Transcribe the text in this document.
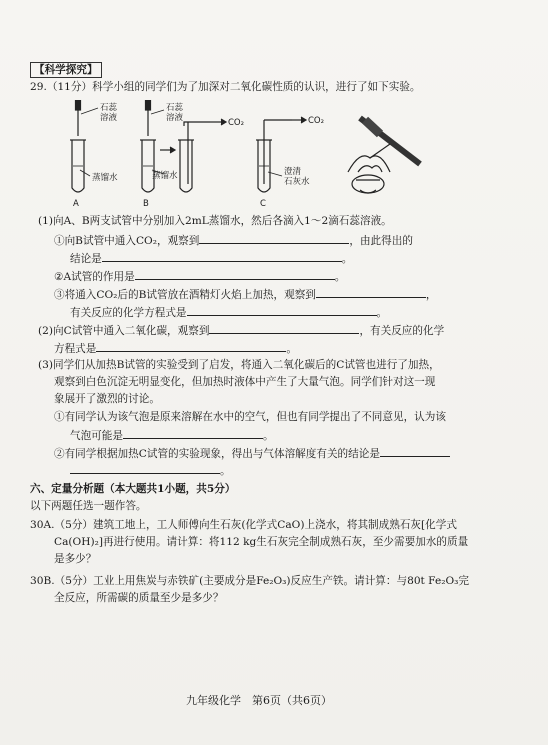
【科学探究】
29.（11分）科学小组的同学们为了加深对二氧化碳性质的认识，进行了如下实验。
石蕊
溶液
蒸馏水
石蕊
溶液
蒸馏水
CO₂	CO₂
澄清
石灰水
A	B	C
(1)向A、B两支试管中分别加入2mL蒸馏水，然后各滴入1～2滴石蕊溶液。
①向B试管中通入CO₂，观察到	，由此得出的
结论是	。
②A试管的作用是	。
③将通入CO₂后的B试管放在酒精灯火焰上加热，观察到	，
有关反应的化学方程式是	。
(2)向C试管中通入二氧化碳，观察到	，有关反应的化学
方程式是	。
(3)同学们从加热B试管的实验受到了启发，将通入二氧化碳后的C试管也进行了加热，
观察到白色沉淀无明显变化，但加热时液体中产生了大量气泡。同学们针对这一现
象展开了激烈的讨论。
①有同学认为该气泡是原来溶解在水中的空气，但也有同学提出了不同意见，认为该
气泡可能是	。
②有同学根据加热C试管的实验现象，得出与气体溶解度有关的结论是
。
六、定量分析题（本大题共1小题，共5分）
以下两题任选一题作答。
30A.（5分）建筑工地上，工人师傅向生石灰(化学式CaO)上浇水，将其制成熟石灰[化学式
Ca(OH)₂]再进行使用。请计算：将112 kg生石灰完全制成熟石灰，至少需要加水的质量
是多少？
30B.（5分）工业上用焦炭与赤铁矿(主要成分是Fe₂O₃)反应生产铁。请计算：与80t Fe₂O₃完
全反应，所需碳的质量至少是多少？
九年级化学　第6页（共6页）
